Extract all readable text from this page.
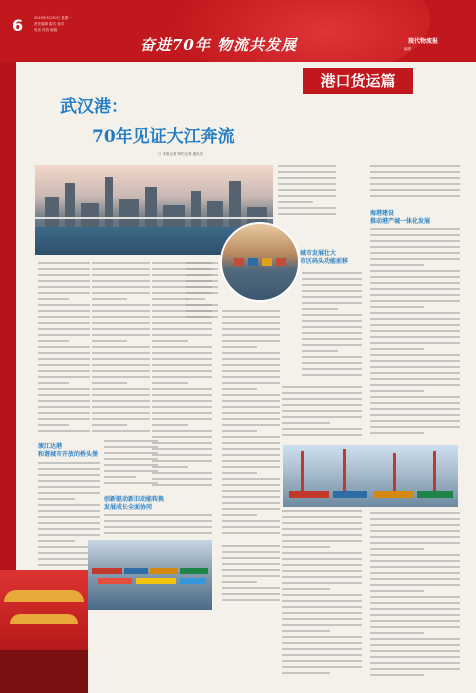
6	2019年9月30日 星期一
责任编辑 版式 校对
电话 传真 邮箱
奋进70年 物流共发展	现代物流报
编辑
港口货运篇
武汉港：
70年见证大江奔流
□ 本报记者 特约记者 通讯员
滚江达港
和谐城市开放的桥头堡
创新驱动新旧动能转换
发展成长全面协同
城市发展壮大
市区码头功能前移
海港建设
推动港产城一体化发展
